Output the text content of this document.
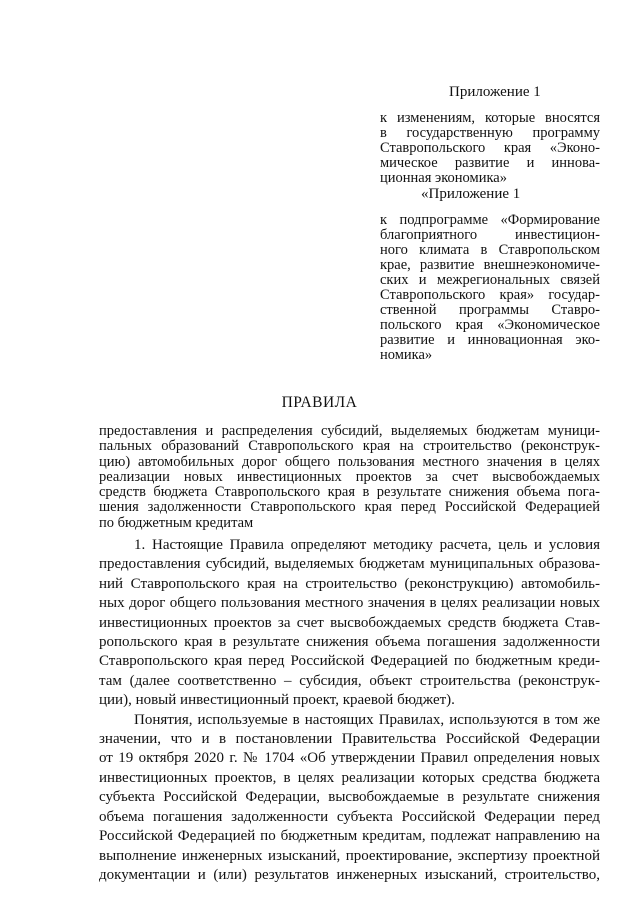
Приложение 1
к изменениям, которые вносятся
в государственную программу
Ставропольского края «Эконо-
мическое развитие и иннова-
ционная экономика»
«Приложение 1
к подпрограмме «Формирование
благоприятного инвестицион-
ного климата в Ставропольском
крае, развитие внешнеэкономиче-
ских и межрегиональных связей
Ставропольского края» государ-
ственной программы Ставро-
польского края «Экономическое
развитие и инновационная эко-
номика»
ПРАВИЛА
предоставления и распределения субсидий, выделяемых бюджетам муници-
пальных образований Ставропольского края на строительство (реконструк-
цию) автомобильных дорог общего пользования местного значения в целях
реализации новых инвестиционных проектов за счет высвобождаемых
средств бюджета Ставропольского края в результате снижения объема пога-
шения задолженности Ставропольского края перед Российской Федерацией
по бюджетным кредитам
1. Настоящие Правила определяют методику расчета, цель и условия
предоставления субсидий, выделяемых бюджетам муниципальных образова-
ний Ставропольского края на строительство (реконструкцию) автомобиль-
ных дорог общего пользования местного значения в целях реализации новых
инвестиционных проектов за счет высвобождаемых средств бюджета Став-
ропольского края в результате снижения объема погашения задолженности
Ставропольского края перед Российской Федерацией по бюджетным креди-
там (далее соответственно – субсидия, объект строительства (реконструк-
ции), новый инвестиционный проект, краевой бюджет).
Понятия, используемые в настоящих Правилах, используются в том же
значении, что и в постановлении Правительства Российской Федерации
от 19 октября 2020 г. № 1704 «Об утверждении Правил определения новых
инвестиционных проектов, в целях реализации которых средства бюджета
субъекта Российской Федерации, высвобождаемые в результате снижения
объема погашения задолженности субъекта Российской Федерации перед
Российской Федерацией по бюджетным кредитам, подлежат направлению на
выполнение инженерных изысканий, проектирование, экспертизу проектной
документации и (или) результатов инженерных изысканий, строительство,
